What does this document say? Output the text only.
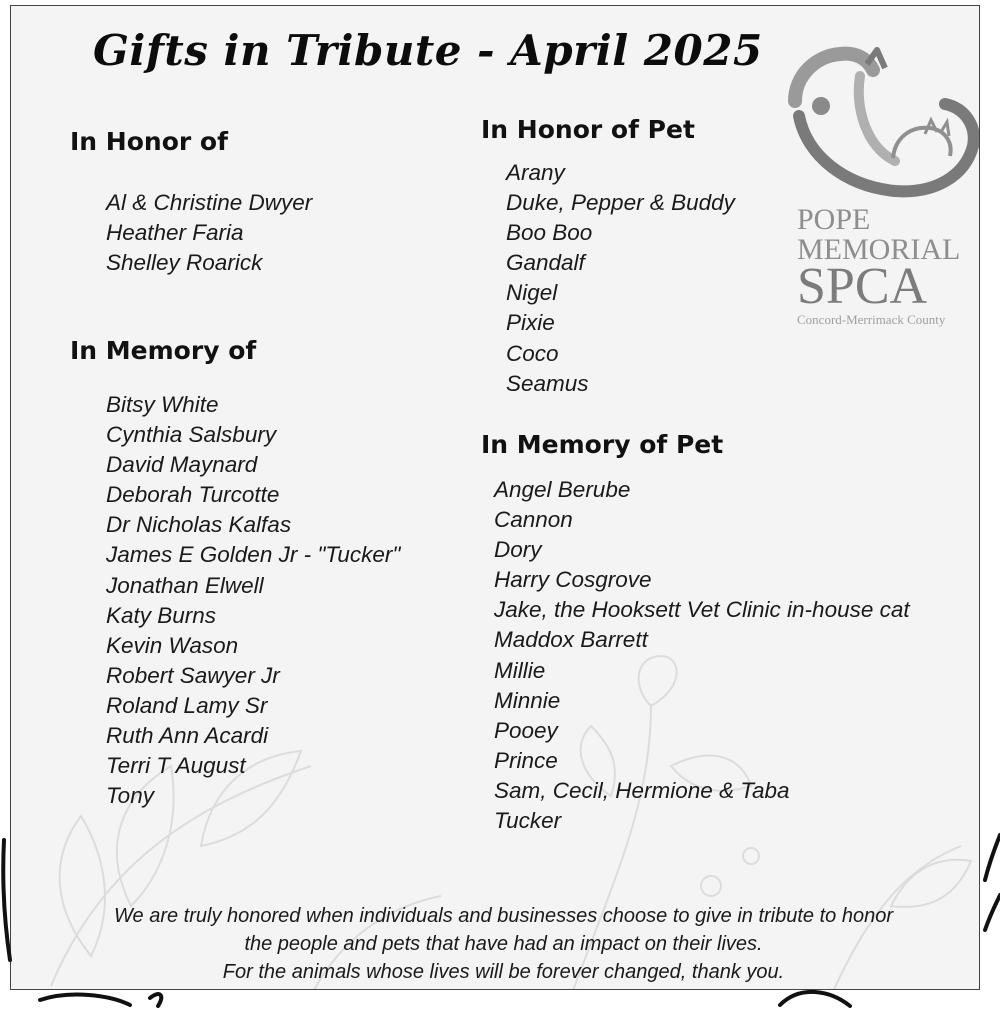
Gifts in Tribute - April 2025
POPE
MEMORIAL
SPCA
Concord-Merrimack County
In Honor of
Al & Christine Dwyer
Heather Faria
Shelley Roarick
In Memory of
Bitsy White
Cynthia Salsbury
David Maynard
Deborah Turcotte
Dr Nicholas Kalfas
James E Golden Jr - "Tucker"
Jonathan Elwell
Katy Burns
Kevin Wason
Robert Sawyer Jr
Roland Lamy Sr
Ruth Ann Acardi
Terri T August
Tony
In Honor of Pet
Arany
Duke, Pepper & Buddy
Boo Boo
Gandalf
Nigel
Pixie
Coco
Seamus
In Memory of Pet
Angel Berube
Cannon
Dory
Harry Cosgrove
Jake, the Hooksett Vet Clinic in-house cat
Maddox Barrett
Millie
Minnie
Pooey
Prince
Sam, Cecil, Hermione & Taba
Tucker

We are truly honored when individuals and businesses choose to give in tribute to honor

the people and pets that have had an impact on their lives.

For the animals whose lives will be forever changed, thank you.
